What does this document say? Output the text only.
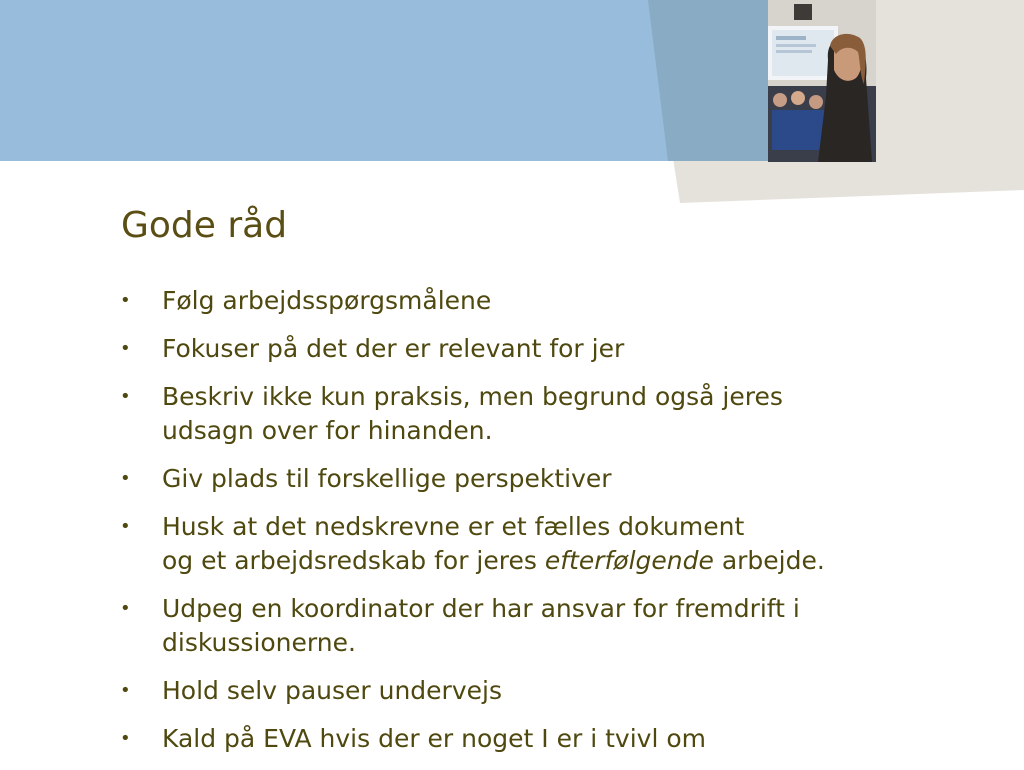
Gode råd
• Følg arbejdsspørgsmålene
• Fokuser på det der er relevant for jer
• Beskriv ikke kun praksis, men begrund også jeres
udsagn over for hinanden.
• Giv plads til forskellige perspektiver
• Husk at det nedskrevne er et fælles dokument
og et arbejdsredskab for jeres efterfølgende arbejde.
• Udpeg en koordinator der har ansvar for fremdrift i
diskussionerne.
• Hold selv pauser undervejs
• Kald på EVA hvis der er noget I er i tvivl om
